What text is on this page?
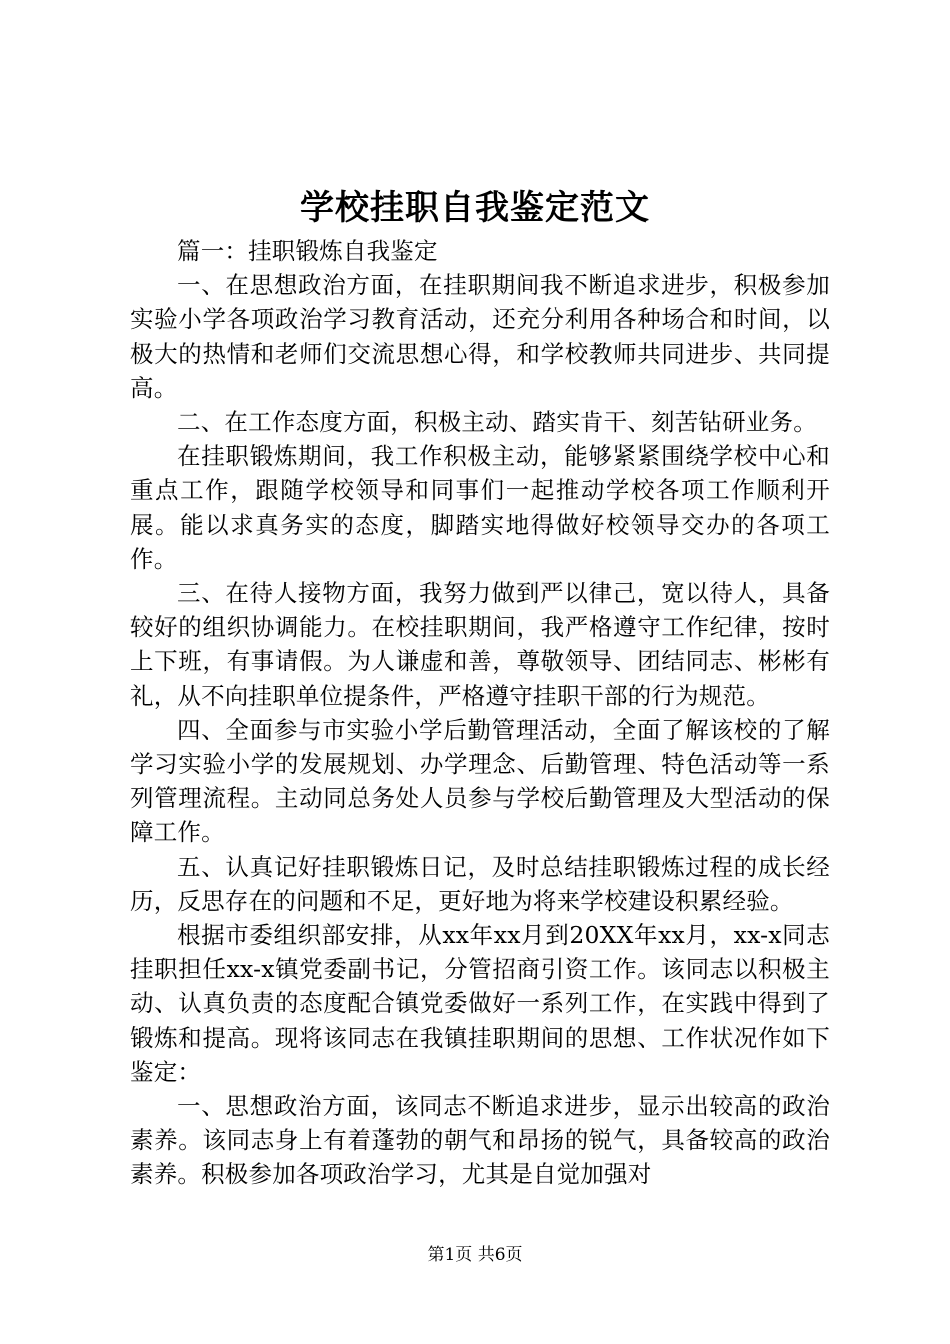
学校挂职自我鉴定范文

篇一：挂职锻炼自我鉴定

一、在思想政治方面，在挂职期间我不断追求进步，积极参加实验小学各项政治学习教育活动，还充分利用各种场合和时间，以极大的热情和老师们交流思想心得，和学校教师共同进步、共同提高。

二、在工作态度方面，积极主动、踏实肯干、刻苦钻研业务。

在挂职锻炼期间，我工作积极主动，能够紧紧围绕学校中心和重点工作，跟随学校领导和同事们一起推动学校各项工作顺利开展。能以求真务实的态度，脚踏实地得做好校领导交办的各项工作。

三、在待人接物方面，我努力做到严以律己，宽以待人，具备较好的组织协调能力。在校挂职期间，我严格遵守工作纪律，按时上下班，有事请假。为人谦虚和善，尊敬领导、团结同志、彬彬有礼，从不向挂职单位提条件，严格遵守挂职干部的行为规范。

四、全面参与市实验小学后勤管理活动，全面了解该校的了解学习实验小学的发展规划、办学理念、后勤管理、特色活动等一系列管理流程。主动同总务处人员参与学校后勤管理及大型活动的保障工作。

五、认真记好挂职锻炼日记，及时总结挂职锻炼过程的成长经历，反思存在的问题和不足，更好地为将来学校建设积累经验。

根据市委组织部安排，从xx年xx月到20XX年xx月，xx-x同志挂职担任xx-x镇党委副书记，分管招商引资工作。该同志以积极主动、认真负责的态度配合镇党委做好一系列工作，在实践中得到了锻炼和提高。现将该同志在我镇挂职期间的思想、工作状况作如下鉴定：

一、思想政治方面，该同志不断追求进步，显示出较高的政治素养。该同志身上有着蓬勃的朝气和昂扬的锐气，具备较高的政治素养。积极参加各项政治学习，尤其是自觉加强对

第1页 共6页
